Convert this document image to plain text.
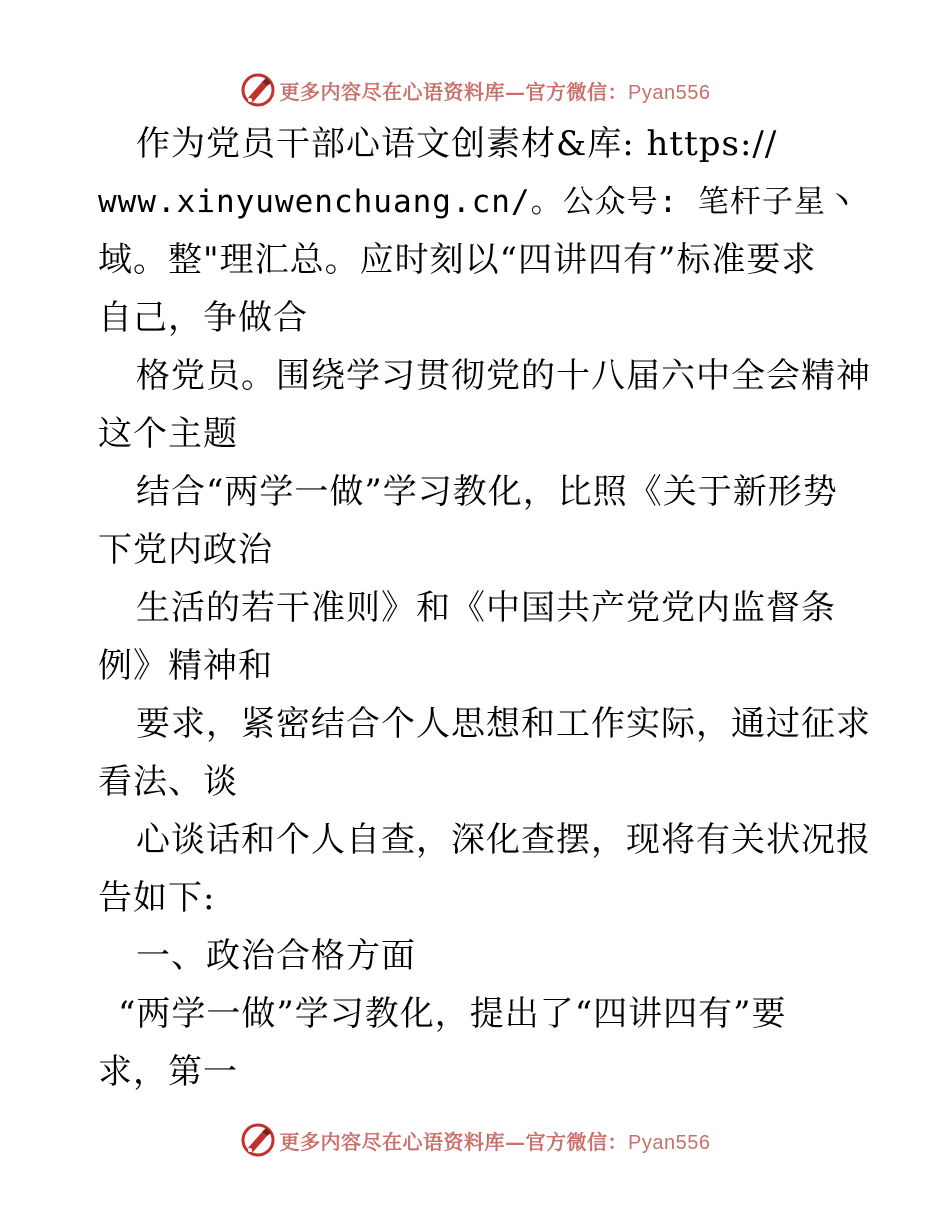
更多内容尽在心语资料库—官方微信：Pyan556
作为党员干部心语文创素材&库: https://
www.xinyuwenchuang.cn/。公众号: 笔杆子星丶
域。整"理汇总。应时刻以“四讲四有”标准要求
自己，争做合
格党员。围绕学习贯彻党的十八届六中全会精神
这个主题
结合“两学一做”学习教化，比照《关于新形势
下党内政治
生活的若干准则》和《中国共产党党内监督条
例》精神和
要求，紧密结合个人思想和工作实际，通过征求
看法、谈
心谈话和个人自查，深化查摆，现将有关状况报
告如下:
一、政治合格方面
“两学一做”学习教化，提出了“四讲四有”要
求，第一
更多内容尽在心语资料库—官方微信：Pyan556
